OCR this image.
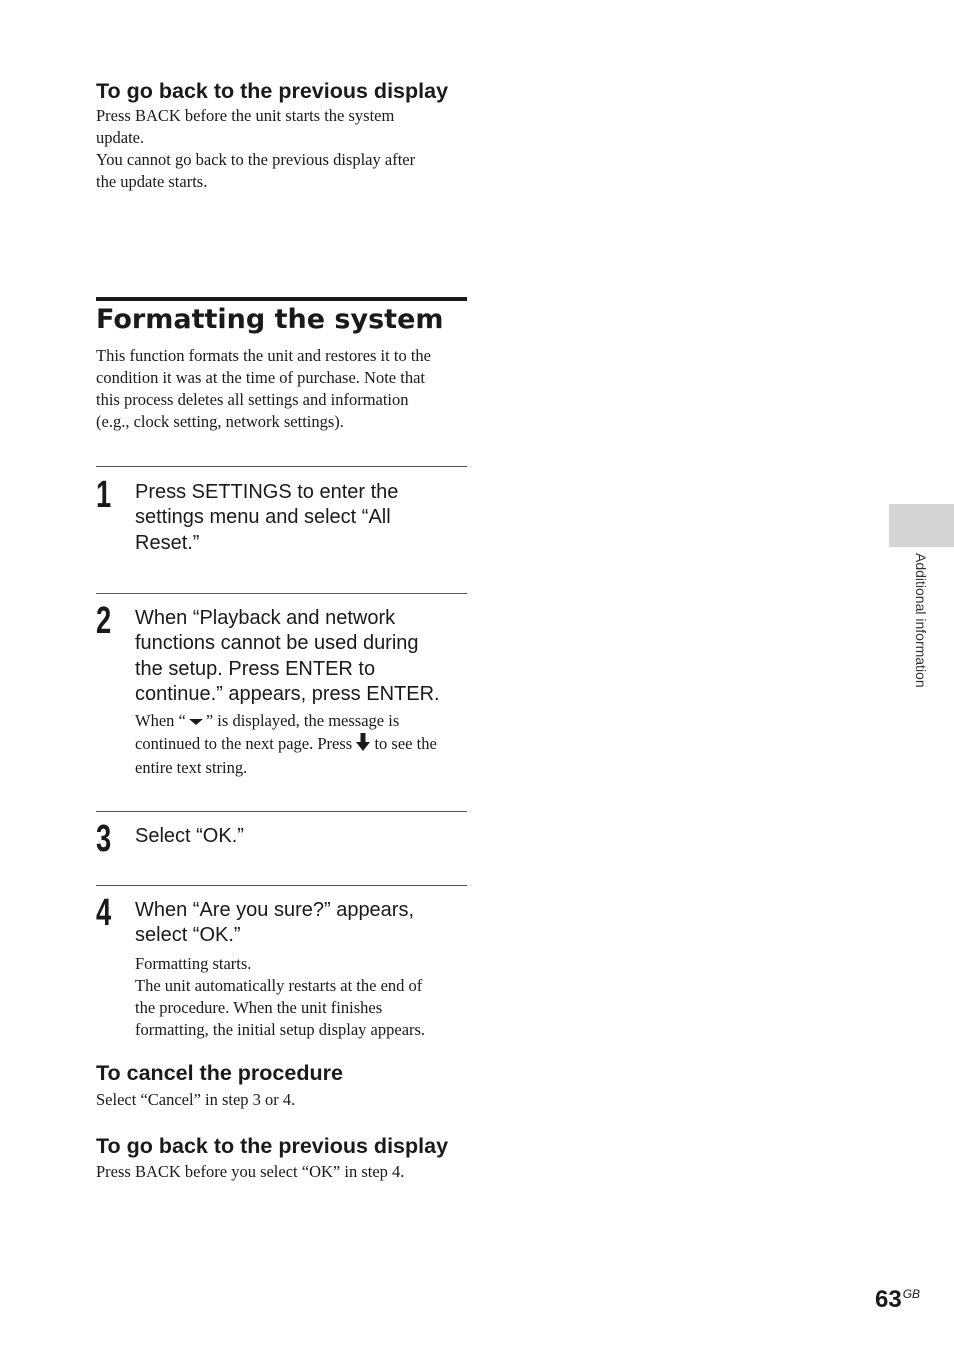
To go back to the previous display

Press BACK before the unit starts the system
update.
You cannot go back to the previous display after
the update starts.

Formatting the system

This function formats the unit and restores it to the
condition it was at the time of purchase. Note that
this process deletes all settings and information
(e.g., clock setting, network settings).

1 Press SETTINGS to enter the
settings menu and select “All
Reset.”

2 When “Playback and network
functions cannot be used during
the setup. Press ENTER to
continue.” appears, press ENTER.

When “ ” is displayed, the message is
continued to the next page. Press to see the
entire text string.

3 Select “OK.”

4 When “Are you sure?” appears,
select “OK.”

Formatting starts.
The unit automatically restarts at the end of
the procedure. When the unit finishes
formatting, the initial setup display appears.

To cancel the procedure

Select “Cancel” in step 3 or 4.

To go back to the previous display

Press BACK before you select “OK” in step 4.

Additional information
$63^{GB}$
